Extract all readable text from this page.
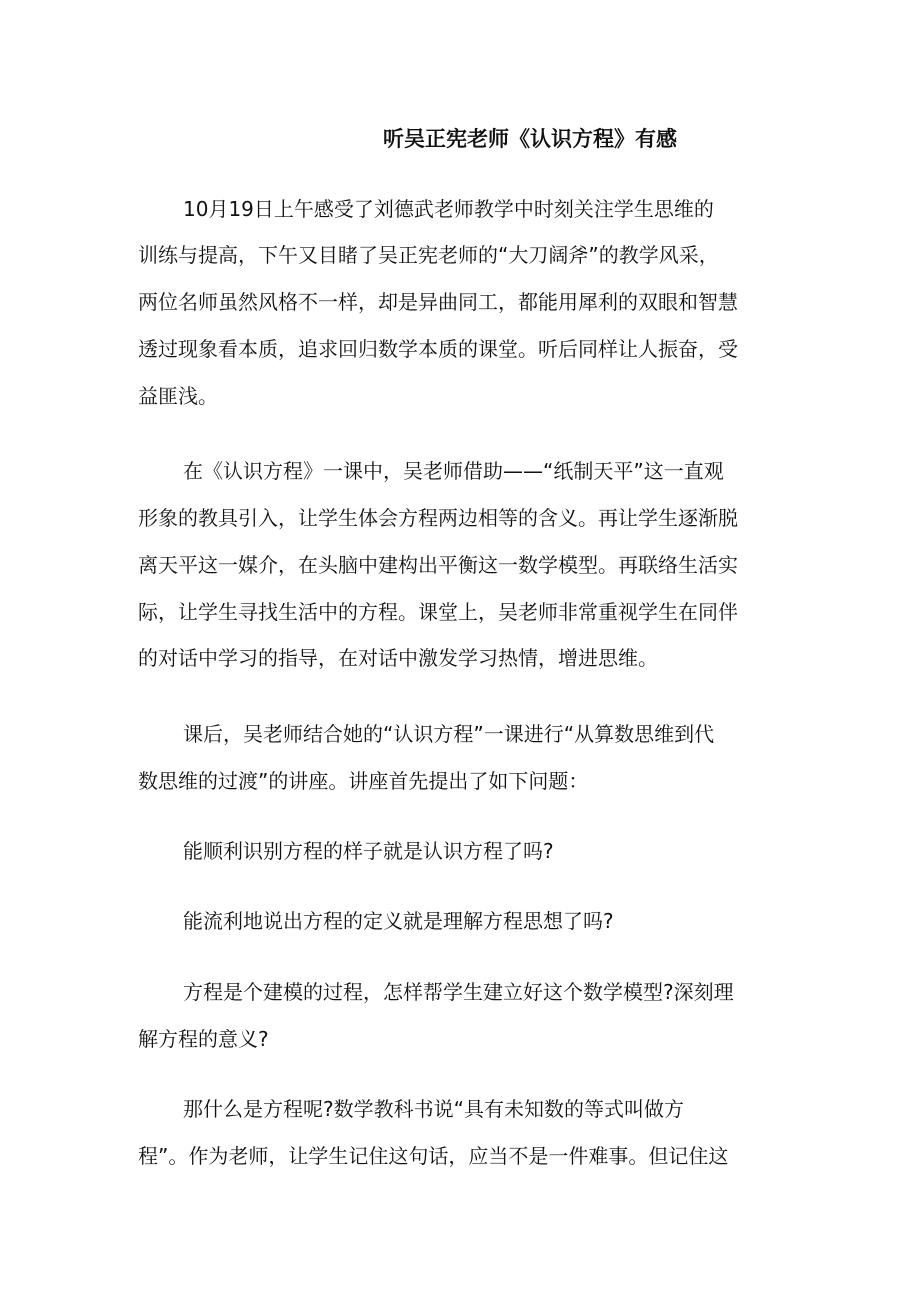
听吴正宪老师《认识方程》有感
10月19日上午感受了刘德武老师教学中时刻关注学生思维的
训练与提高，下午又目睹了吴正宪老师的“大刀阔斧”的教学风采，
两位名师虽然风格不一样，却是异曲同工，都能用犀利的双眼和智慧
透过现象看本质，追求回归数学本质的课堂。听后同样让人振奋，受
益匪浅。
在《认识方程》一课中，吴老师借助——“纸制天平”这一直观
形象的教具引入，让学生体会方程两边相等的含义。再让学生逐渐脱
离天平这一媒介，在头脑中建构出平衡这一数学模型。再联络生活实
际，让学生寻找生活中的方程。课堂上，吴老师非常重视学生在同伴
的对话中学习的指导，在对话中激发学习热情，增进思维。
课后，吴老师结合她的“认识方程”一课进行“从算数思维到代
数思维的过渡”的讲座。讲座首先提出了如下问题：
能顺利识别方程的样子就是认识方程了吗?
能流利地说出方程的定义就是理解方程思想了吗?
方程是个建模的过程，怎样帮学生建立好这个数学模型?深刻理
解方程的意义?
那什么是方程呢?数学教科书说“具有未知数的等式叫做方
程”。作为老师，让学生记住这句话，应当不是一件难事。但记住这
